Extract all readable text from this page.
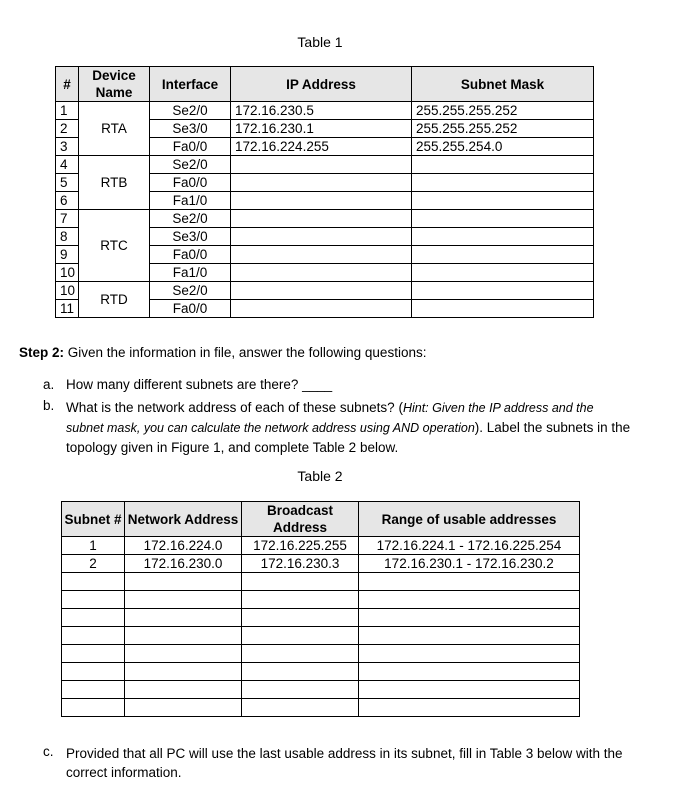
Table 1
#	Device Name	Interface	IP Address	Subnet Mask
1	RTA	Se2/0	172.16.230.5	255.255.255.252
2		Se3/0	172.16.230.1	255.255.255.252
3		Fa0/0	172.16.224.255	255.255.254.0
4	RTB	Se2/0		
5		Fa0/0		
6		Fa1/0		
7	RTC	Se2/0		
8		Se3/0		
9		Fa0/0		
10		Fa1/0		
10	RTD	Se2/0		
11		Fa0/0		
Step 2: Given the information in file, answer the following questions:
a. How many different subnets are there? ____
b. What is the network address of each of these subnets? (Hint: Given the IP address and the subnet mask, you can calculate the network address using AND operation). Label the subnets in the topology given in Figure 1, and complete Table 2 below.
Table 2
Subnet #	Network Address	Broadcast Address	Range of usable addresses
1	172.16.224.0	172.16.225.255	172.16.224.1 - 172.16.225.254
2	172.16.230.0	172.16.230.3	172.16.230.1 - 172.16.230.2

c. Provided that all PC will use the last usable address in its subnet, fill in Table 3 below with the correct information.
